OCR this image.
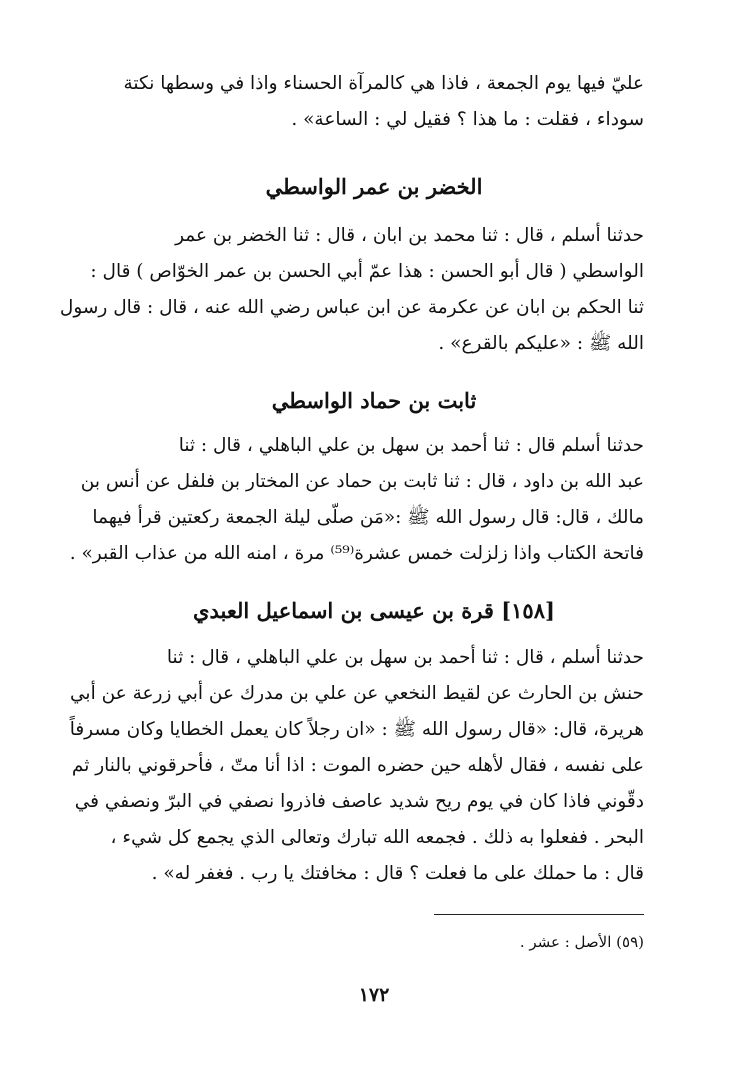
عليّ فيها يوم الجمعة ، فاذا هي كالمرآة الحسناء واذا في وسطها نكتة
سوداء ، فقلت : ما هذا ؟ فقيل لي : الساعة» .
الخضر بن عمر الواسطي
حدثنا أسلم ، قال : ثنا محمد بن ابان ، قال : ثنا الخضر بن عمر
الواسطي ( قال أبو الحسن : هذا عمّ أبي الحسن بن عمر الخوّاص ) قال :
ثنا الحكم بن ابان عن عكرمة عن ابن عباس رضي الله عنه ، قال : قال رسول
الله ﷺ : «عليكم بالقرع» .
ثابت بن حماد الواسطي
حدثنا أسلم قال : ثنا أحمد بن سهل بن علي الباهلي ، قال : ثنا
عبد الله بن داود ، قال : ثنا ثابت بن حماد عن المختار بن فلفل عن أنس بن
مالك ، قال: قال رسول الله ﷺ :«مَن صلّى ليلة الجمعة ركعتين قرأ فيهما
فاتحة الكتاب واذا زلزلت خمس عشرة⁽⁵⁹⁾ مرة ، امنه الله من عذاب القبر» .
[١٥٨] قرة بن عيسى بن اسماعيل العبدي
حدثنا أسلم ، قال : ثنا أحمد بن سهل بن علي الباهلي ، قال : ثنا
حنش بن الحارث عن لقيط النخعي عن علي بن مدرك عن أبي زرعة عن أبي
هريرة، قال: «قال رسول الله ﷺ : «ان رجلاً كان يعمل الخطايا وكان مسرفاً
على نفسه ، فقال لأهله حين حضره الموت : اذا أنا متّ ، فأحرقوني بالنار ثم
دقّوني فاذا كان في يوم ريح شديد عاصف فاذروا نصفي في البرّ ونصفي في
البحر . ففعلوا به ذلك . فجمعه الله تبارك وتعالى الذي يجمع كل شيء ،
قال : ما حملك على ما فعلت ؟ قال : مخافتك يا رب . فغفر له» .
(٥٩) الأصل : عشر .
١٧٢
